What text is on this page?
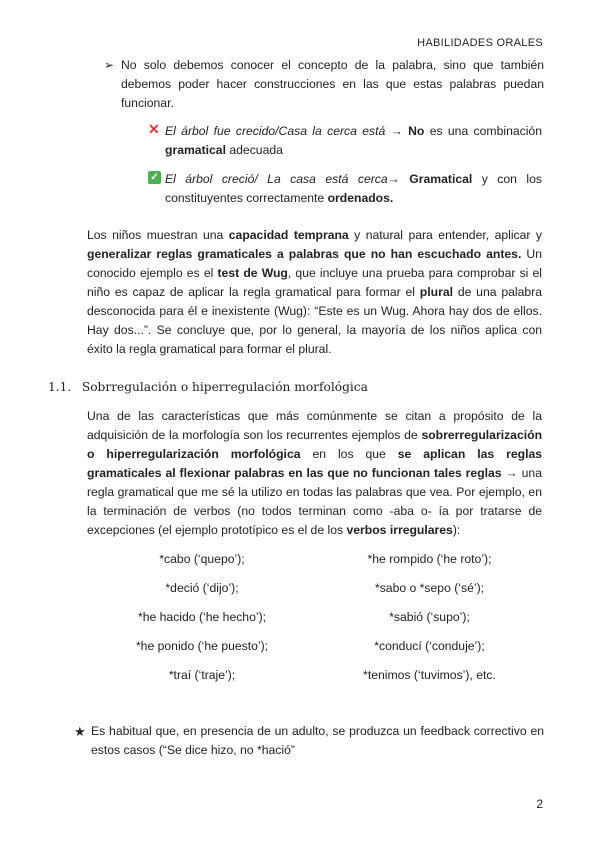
HABILIDADES ORALES
➢ No solo debemos conocer el concepto de la palabra, sino que también debemos poder hacer construcciones en las que estas palabras puedan funcionar.
✕ El árbol fue crecido/Casa la cerca está → No es una combinación gramatical adecuada
✓ El árbol creció/ La casa está cerca→ Gramatical y con los constituyentes correctamente ordenados.
Los niños muestran una capacidad temprana y natural para entender, aplicar y generalizar reglas gramaticales a palabras que no han escuchado antes. Un conocido ejemplo es el test de Wug, que incluye una prueba para comprobar si el niño es capaz de aplicar la regla gramatical para formar el plural de una palabra desconocida para él e inexistente (Wug): “Este es un Wug. Ahora hay dos de ellos. Hay dos...”. Se concluye que, por lo general, la mayoría de los niños aplica con éxito la regla gramatical para formar el plural.
1.1. Sobrregulación o hiperregulación morfológica
Una de las características que más comúnmente se citan a propósito de la adquisición de la morfología son los recurrentes ejemplos de sobrerregularización o hiperregularización morfológica en los que se aplican las reglas gramaticales al flexionar palabras en las que no funcionan tales reglas → una regla gramatical que me sé la utilizo en todas las palabras que vea. Por ejemplo, en la terminación de verbos (no todos terminan como -aba o- ía por tratarse de excepciones (el ejemplo prototípico es el de los verbos irregulares):
*cabo (‘quepo’);	*he rompido (‘he roto’);
*deció (‘dijo’);	*sabo o *sepo (‘sé’);
*he hacido (‘he hecho’);	*sabió (‘supo’);
*he ponido (‘he puesto’);	*conducí (‘conduje’);
*traí (‘traje’);	*tenimos (‘tuvimos’), etc.
★ Es habitual que, en presencia de un adulto, se produzca un feedback correctivo en estos casos (“Se dice hizo, no *hació”
2
